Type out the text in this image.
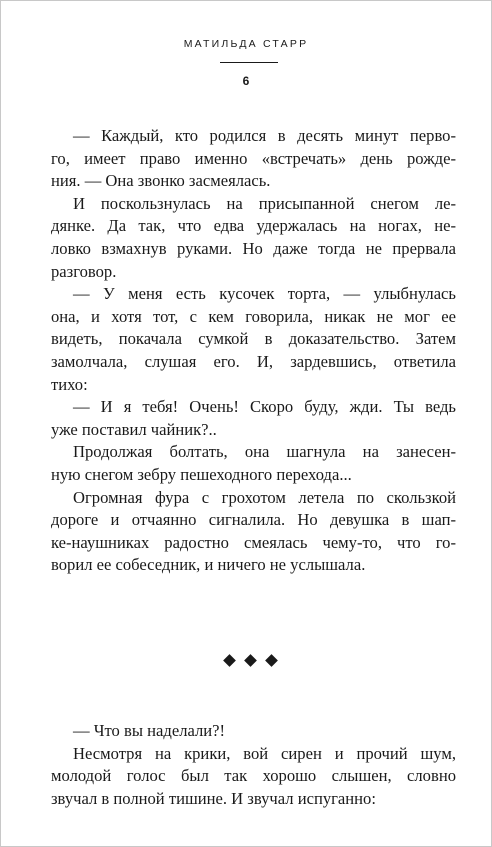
МАТИЛЬДА СТАРР
6

— Каждый, кто родился в десять минут перво-
го, имеет право именно «встречать» день рожде-
ния. — Она звонко засмеялась.

И поскользнулась на присыпанной снегом ле-
дянке. Да так, что едва удержалась на ногах, не-
ловко взмахнув руками. Но даже тогда не прервала
разговор.

— У меня есть кусочек торта, — улыбнулась
она, и хотя тот, с кем говорила, никак не мог ее
видеть, покачала сумкой в доказательство. Затем
замолчала, слушая его. И, зардевшись, ответила
тихо:

— И я тебя! Очень! Скоро буду, жди. Ты ведь
уже поставил чайник?..

Продолжая болтать, она шагнула на занесен-
ную снегом зебру пешеходного перехода...

Огромная фура с грохотом летела по скользкой
дороге и отчаянно сигналила. Но девушка в шап-
ке-наушниках радостно смеялась чему-то, что го-
ворил ее собеседник, и ничего не услышала.

— Что вы наделали?!

Несмотря на крики, вой сирен и прочий шум,
молодой голос был так хорошо слышен, словно
звучал в полной тишине. И звучал испуганно:
